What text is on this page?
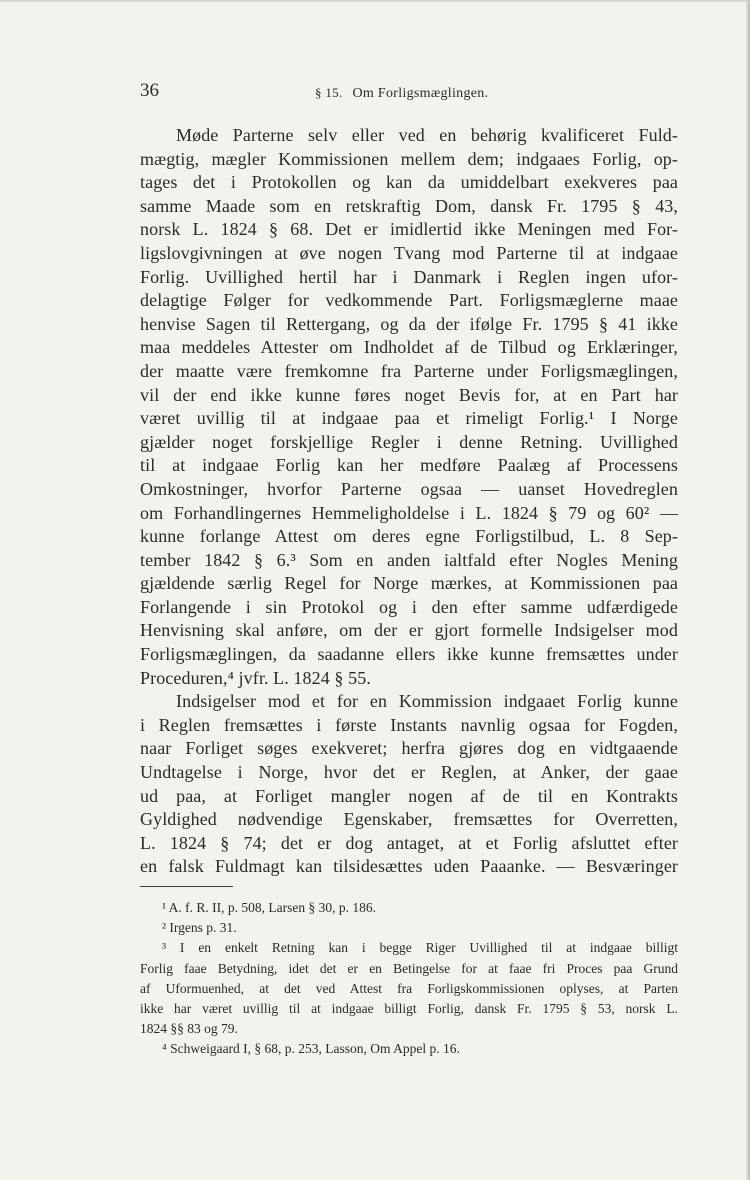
36	§ 15. Om Forligsmæglingen.
Møde Parterne selv eller ved en behørig kvalificeret Fuld-
mægtig, mægler Kommissionen mellem dem; indgaaes Forlig, op-
tages det i Protokollen og kan da umiddelbart exekveres paa
samme Maade som en retskraftig Dom, dansk Fr. 1795 § 43,
norsk L. 1824 § 68. Det er imidlertid ikke Meningen med For-
ligslovgivningen at øve nogen Tvang mod Parterne til at indgaae
Forlig. Uvillighed hertil har i Danmark i Reglen ingen ufor-
delagtige Følger for vedkommende Part. Forligsmæglerne maae
henvise Sagen til Rettergang, og da der ifølge Fr. 1795 § 41 ikke
maa meddeles Attester om Indholdet af de Tilbud og Erklæringer,
der maatte være fremkomne fra Parterne under Forligsmæglingen,
vil der end ikke kunne føres noget Bevis for, at en Part har
været uvillig til at indgaae paa et rimeligt Forlig.¹ I Norge
gjælder noget forskjellige Regler i denne Retning. Uvillighed
til at indgaae Forlig kan her medføre Paalæg af Processens
Omkostninger, hvorfor Parterne ogsaa — uanset Hovedreglen
om Forhandlingernes Hemmeligholdelse i L. 1824 § 79 og 60² —
kunne forlange Attest om deres egne Forligstilbud, L. 8 Sep-
tember 1842 § 6.³ Som en anden ialtfald efter Nogles Mening
gjældende særlig Regel for Norge mærkes, at Kommissionen paa
Forlangende i sin Protokol og i den efter samme udfærdigede
Henvisning skal anføre, om der er gjort formelle Indsigelser mod
Forligsmæglingen, da saadanne ellers ikke kunne fremsættes under
Proceduren,⁴ jvfr. L. 1824 § 55.
Indsigelser mod et for en Kommission indgaaet Forlig kunne
i Reglen fremsættes i første Instants navnlig ogsaa for Fogden,
naar Forliget søges exekveret; herfra gjøres dog en vidtgaaende
Undtagelse i Norge, hvor det er Reglen, at Anker, der gaae
ud paa, at Forliget mangler nogen af de til en Kontrakts
Gyldighed nødvendige Egenskaber, fremsættes for Overretten,
L. 1824 § 74; det er dog antaget, at et Forlig afsluttet efter
en falsk Fuldmagt kan tilsidesættes uden Paaanke. — Besværinger
¹ A. f. R. II, p. 508, Larsen § 30, p. 186.
² Irgens p. 31.
³ I en enkelt Retning kan i begge Riger Uvillighed til at indgaae billigt
Forlig faae Betydning, idet det er en Betingelse for at faae fri Proces paa Grund
af Uformuenhed, at det ved Attest fra Forligskommissionen oplyses, at Parten
ikke har været uvillig til at indgaae billigt Forlig, dansk Fr. 1795 § 53, norsk L.
1824 §§ 83 og 79.
⁴ Schweigaard I, § 68, p. 253, Lasson, Om Appel p. 16.
